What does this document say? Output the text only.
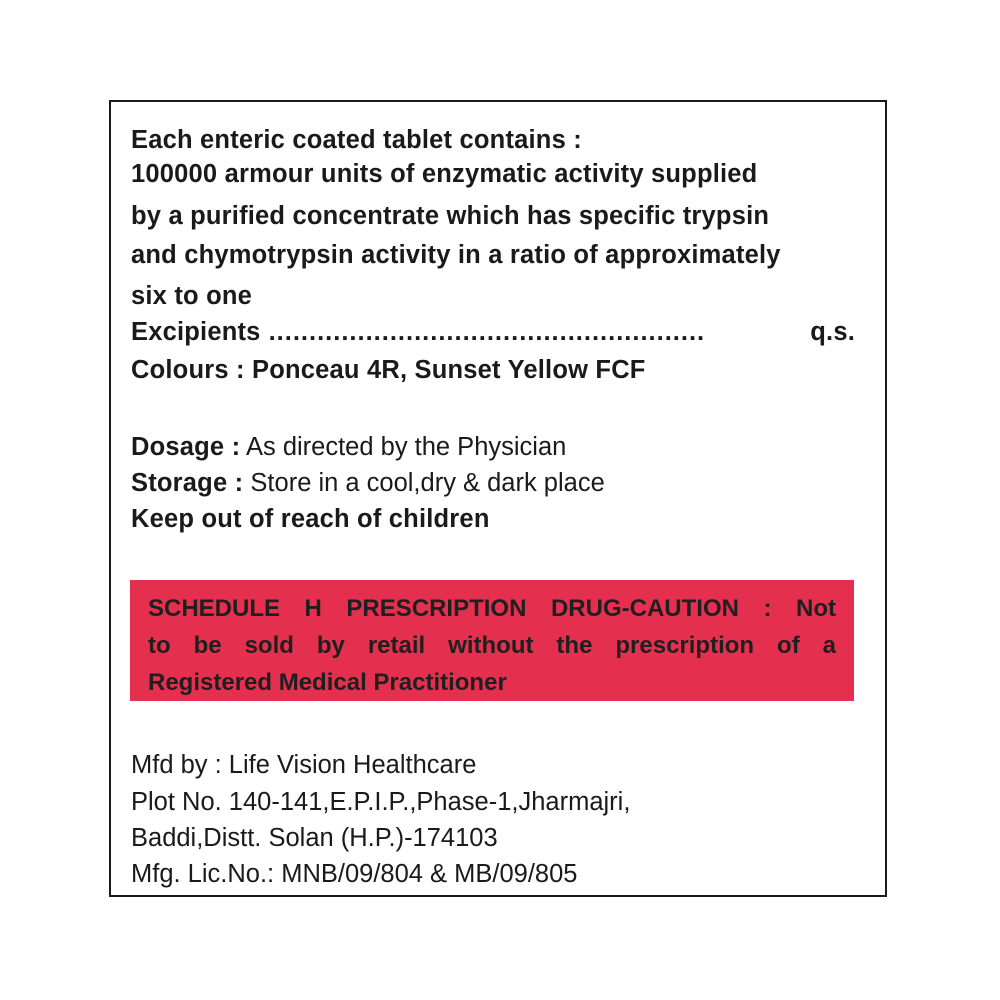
Each enteric coated tablet contains :
100000 armour units of enzymatic activity supplied
by a purified concentrate which has specific trypsin
and chymotrypsin activity in a ratio of approximately
six to one
Excipients ......................................................	q.s.
Colours : Ponceau 4R, Sunset Yellow FCF
Dosage : As directed by the Physician
Storage : Store in a cool,dry & dark place
Keep out of reach of children
SCHEDULE H PRESCRIPTION DRUG-CAUTION : Not
to be sold by retail without the prescription of a
Registered Medical Practitioner
Mfd by : Life Vision Healthcare
Plot No. 140-141,E.P.I.P.,Phase-1,Jharmajri,
Baddi,Distt. Solan (H.P.)-174103
Mfg. Lic.No.: MNB/09/804 & MB/09/805
